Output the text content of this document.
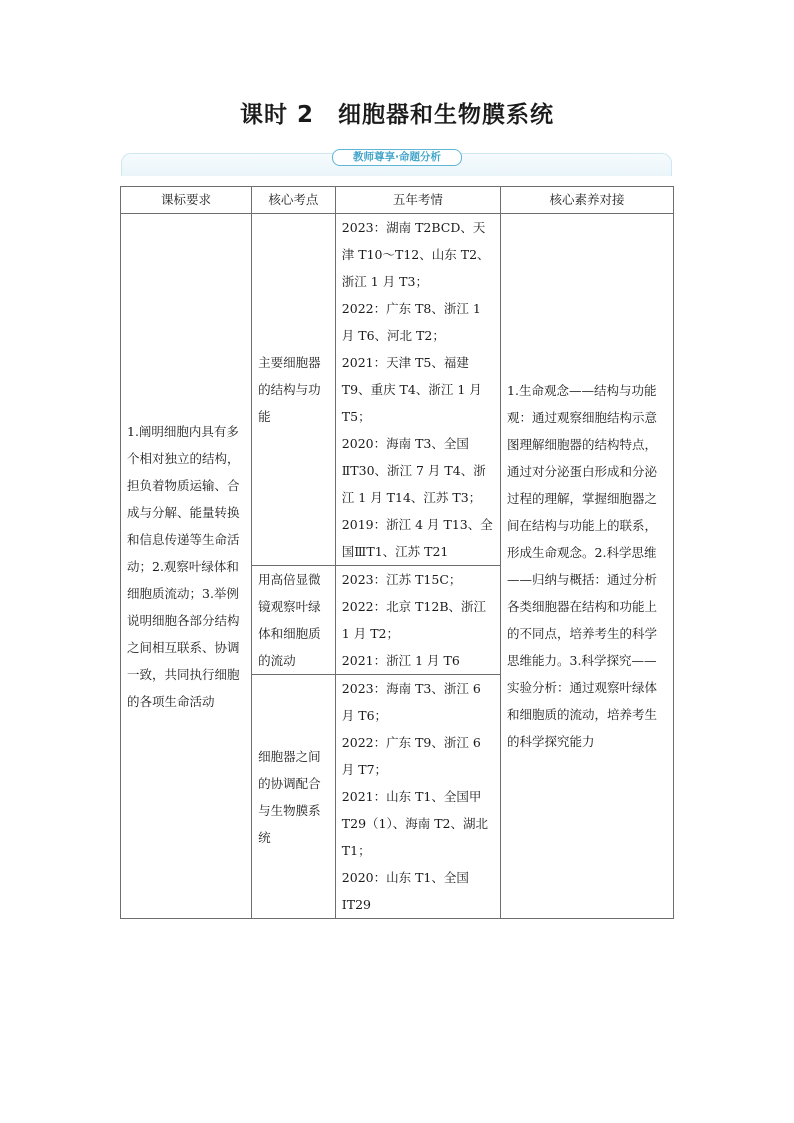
课时 2　细胞器和生物膜系统
教师尊享·命题分析
课标要求	核心考点	五年考情	核心素养对接
1.阐明细胞内具有多个相对独立的结构，担负着物质运输、合成与分解、能量转换和信息传递等生命活动；2.观察叶绿体和细胞质流动；3.举例说明细胞各部分结构之间相互联系、协调一致，共同执行细胞的各项生命活动	主要细胞器的结构与功能	2023：湖南 T2BCD、天津 T10～T12、山东 T2、浙江 1 月 T3；
2022：广东 T8、浙江 1 月 T6、河北 T2；
2021：天津 T5、福建 T9、重庆 T4、浙江 1 月 T5；
2020：海南 T3、全国 ⅡT30、浙江 7 月 T4、浙江 1 月 T14、江苏 T3；
2019：浙江 4 月 T13、全国ⅢT1、江苏 T21	1.生命观念——结构与功能观：通过观察细胞结构示意图理解细胞器的结构特点，通过对分泌蛋白形成和分泌过程的理解，掌握细胞器之间在结构与功能上的联系，形成生命观念。2.科学思维——归纳与概括：通过分析各类细胞器在结构和功能上的不同点，培养考生的科学思维能力。3.科学探究——实验分析：通过观察叶绿体和细胞质的流动，培养考生的科学探究能力
	用高倍显微镜观察叶绿体和细胞质的流动	2023：江苏 T15C；
2022：北京 T12B、浙江 1 月 T2；
2021：浙江 1 月 T6	

	细胞器之间的协调配合与生物膜系统	2023：海南 T3、浙江 6 月 T6；
2022：广东 T9、浙江 6 月 T7；
2021：山东 T1、全国甲 T29（1）、海南 T2、湖北 T1；
2020：山东 T1、全国 ⅠT29	
